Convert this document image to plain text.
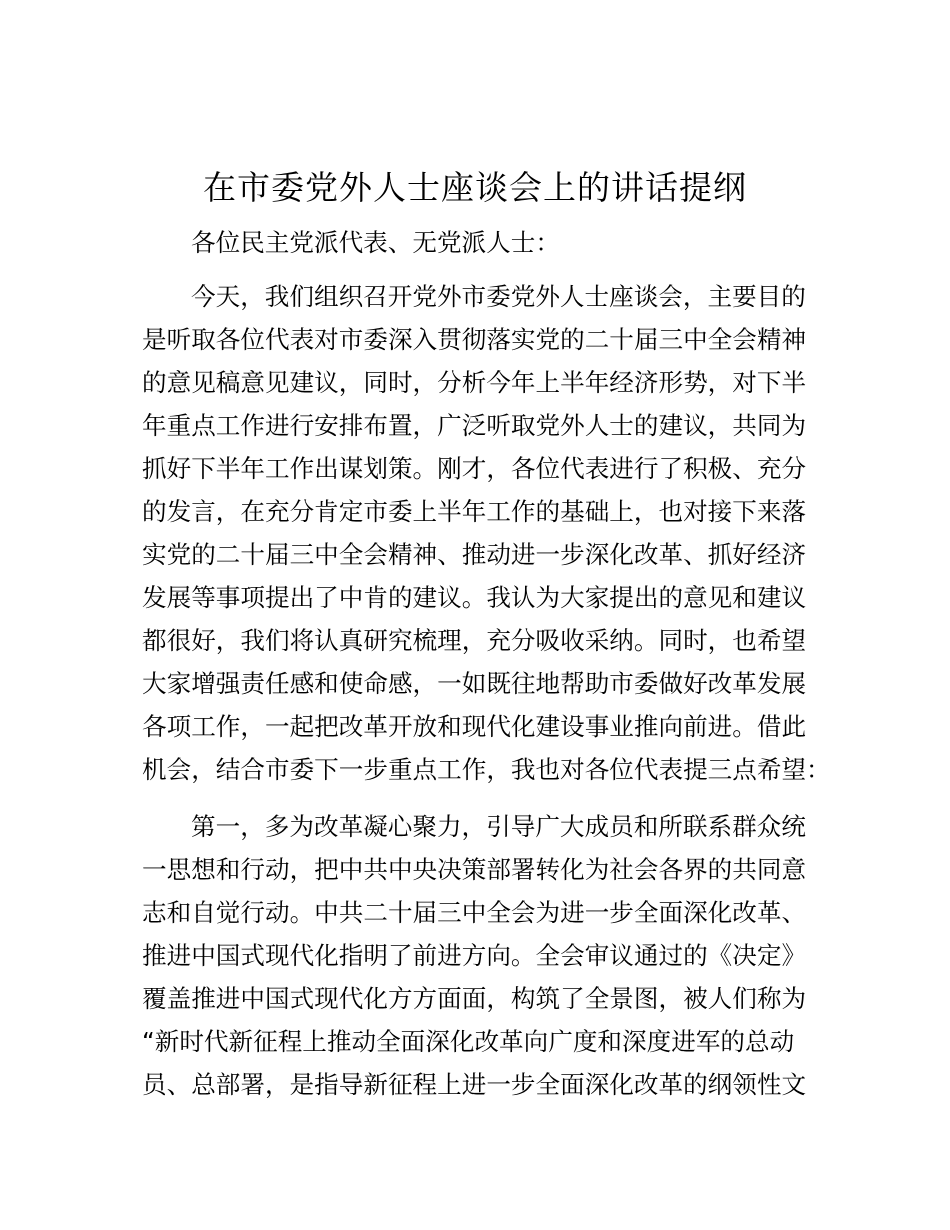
在市委党外人士座谈会上的讲话提纲

各位民主党派代表、无党派人士：

今天，我们组织召开党外市委党外人士座谈会，主要目的

是听取各位代表对市委深入贯彻落实党的二十届三中全会精神

的意见稿意见建议，同时，分析今年上半年经济形势，对下半

年重点工作进行安排布置，广泛听取党外人士的建议，共同为

抓好下半年工作出谋划策。刚才，各位代表进行了积极、充分

的发言，在充分肯定市委上半年工作的基础上，也对接下来落

实党的二十届三中全会精神、推动进一步深化改革、抓好经济

发展等事项提出了中肯的建议。我认为大家提出的意见和建议

都很好，我们将认真研究梳理，充分吸收采纳。同时，也希望

大家增强责任感和使命感，一如既往地帮助市委做好改革发展

各项工作，一起把改革开放和现代化建设事业推向前进。借此

机会，结合市委下一步重点工作，我也对各位代表提三点希望：

第一，多为改革凝心聚力，引导广大成员和所联系群众统

一思想和行动，把中共中央决策部署转化为社会各界的共同意

志和自觉行动。中共二十届三中全会为进一步全面深化改革、

推进中国式现代化指明了前进方向。全会审议通过的《决定》

覆盖推进中国式现代化方方面面，构筑了全景图，被人们称为

“新时代新征程上推动全面深化改革向广度和深度进军的总动

员、总部署，是指导新征程上进一步全面深化改革的纲领性文
